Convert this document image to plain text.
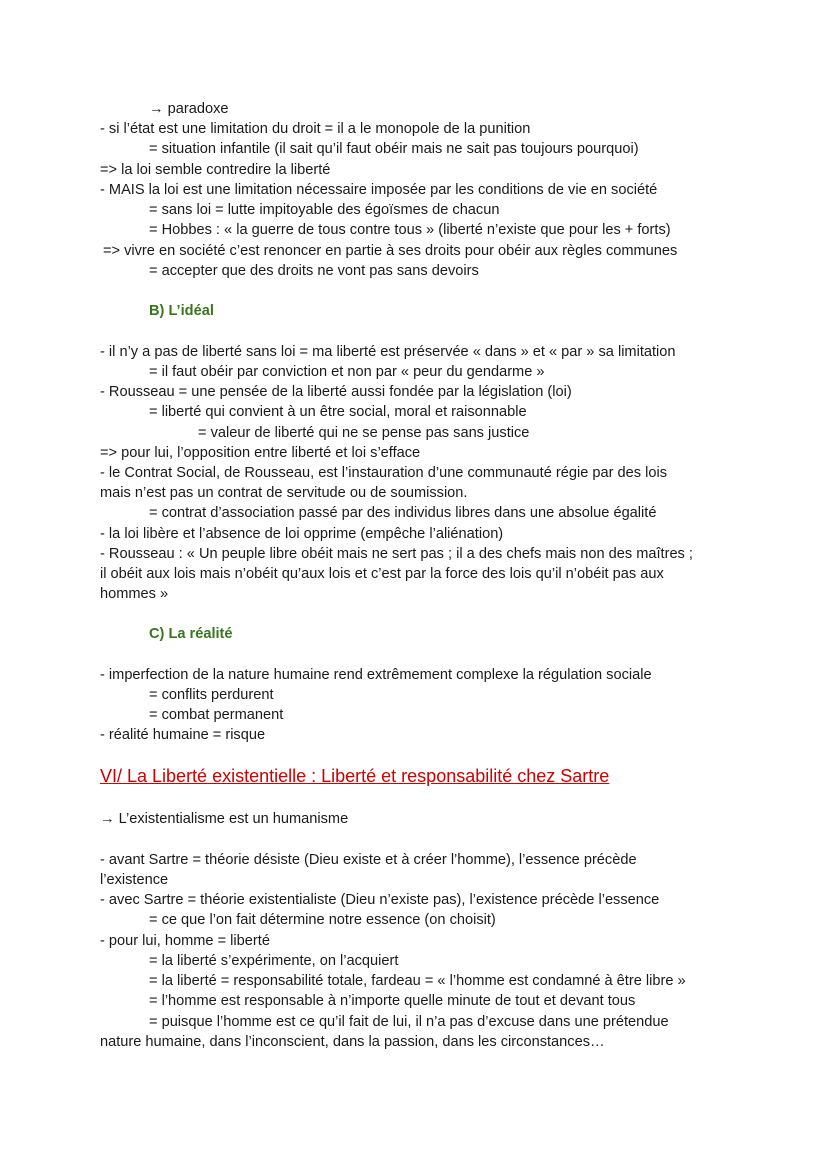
→ paradoxe
- si l’état est une limitation du droit = il a le monopole de la punition
= situation infantile (il sait qu’il faut obéir mais ne sait pas toujours pourquoi)
=> la loi semble contredire la liberté
- MAIS la loi est une limitation nécessaire imposée par les conditions de vie en société
= sans loi = lutte impitoyable des égoïsmes de chacun
= Hobbes : « la guerre de tous contre tous » (liberté n’existe que pour les + forts)
=> vivre en société c’est renoncer en partie à ses droits pour obéir aux règles communes
= accepter que des droits ne vont pas sans devoirs
B) L’idéal
- il n’y a pas de liberté sans loi = ma liberté est préservée « dans » et « par » sa limitation
= il faut obéir par conviction et non par « peur du gendarme »
- Rousseau = une pensée de la liberté aussi fondée par la législation (loi)
= liberté qui convient à un être social, moral et raisonnable
= valeur de liberté qui ne se pense pas sans justice
=> pour lui, l’opposition entre liberté et loi s’efface
- le Contrat Social, de Rousseau, est l’instauration d’une communauté régie par des lois
mais n’est pas un contrat de servitude ou de soumission.
= contrat d’association passé par des individus libres dans une absolue égalité
- la loi libère et l’absence de loi opprime (empêche l’aliénation)
- Rousseau : « Un peuple libre obéit mais ne sert pas ; il a des chefs mais non des maîtres ;
il obéit aux lois mais n’obéit qu’aux lois et c’est par la force des lois qu’il n’obéit pas aux
hommes »
C) La réalité
- imperfection de la nature humaine rend extrêmement complexe la régulation sociale
= conflits perdurent
= combat permanent
- réalité humaine = risque
VI/ La Liberté existentielle : Liberté et responsabilité chez Sartre
→ L’existentialisme est un humanisme
- avant Sartre = théorie désiste (Dieu existe et à créer l’homme), l’essence précède
l’existence
- avec Sartre = théorie existentialiste (Dieu n’existe pas), l’existence précède l’essence
= ce que l’on fait détermine notre essence (on choisit)
- pour lui, homme = liberté
= la liberté s’expérimente, on l’acquiert
= la liberté = responsabilité totale, fardeau = « l’homme est condamné à être libre »
= l’homme est responsable à n’importe quelle minute de tout et devant tous
= puisque l’homme est ce qu’il fait de lui, il n’a pas d’excuse dans une prétendue
nature humaine, dans l’inconscient, dans la passion, dans les circonstances…
